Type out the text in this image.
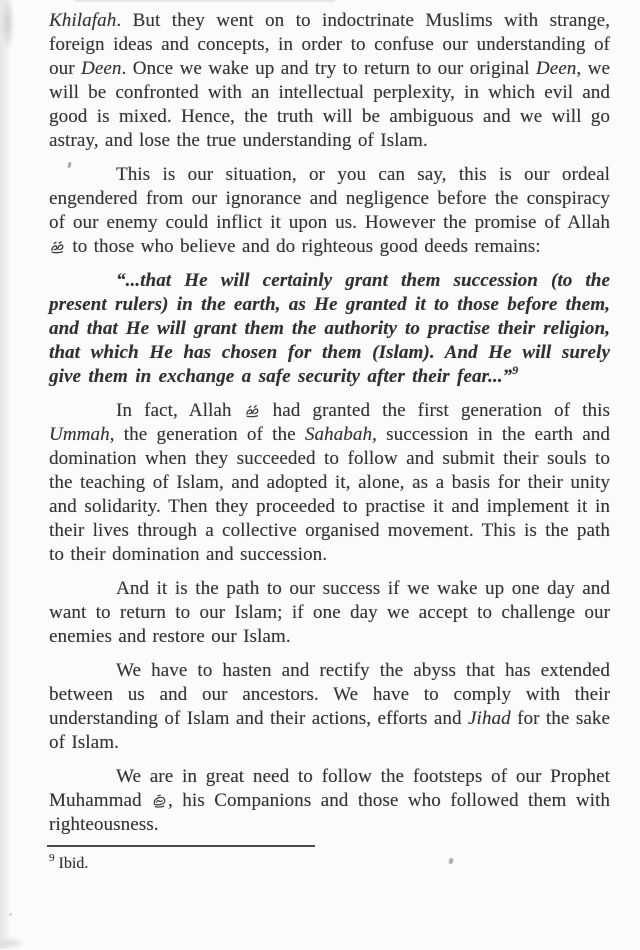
Khilafah. But they went on to indoctrinate Muslims with strange, foreign ideas and concepts, in order to confuse our understanding of our Deen. Once we wake up and try to return to our original Deen, we will be confronted with an intellectual perplexity, in which evil and good is mixed. Hence, the truth will be ambiguous and we will go astray, and lose the true understanding of Islam.

This is our situation, or you can say, this is our ordeal engendered from our ignorance and negligence before the conspiracy of our enemy could inflict it upon us. However the promise of Allah  to those who believe and do righteous good deeds remains:

“...that He will certainly grant them succession (to the present rulers) in the earth, as He granted it to those before them, and that He will grant them the authority to practise their religion, that which He has chosen for them (Islam). And He will surely give them in exchange a safe security after their fear...”$^9$

In fact, Allah  had granted the first generation of this Ummah, the generation of the Sahabah, succession in the earth and domination when they succeeded to follow and submit their souls to the teaching of Islam, and adopted it, alone, as a basis for their unity and solidarity. Then they proceeded to practise it and implement it in their lives through a collective organised movement. This is the path to their domination and succession.

And it is the path to our success if we wake up one day and want to return to our Islam; if one day we accept to challenge our enemies and restore our Islam.

We have to hasten and rectify the abyss that has extended between us and our ancestors. We have to comply with their understanding of Islam and their actions, efforts and Jihad for the sake of Islam.

We are in great need to follow the footsteps of our Prophet Muhammad , his Companions and those who followed them with righteousness.

$^9$ Ibid.
